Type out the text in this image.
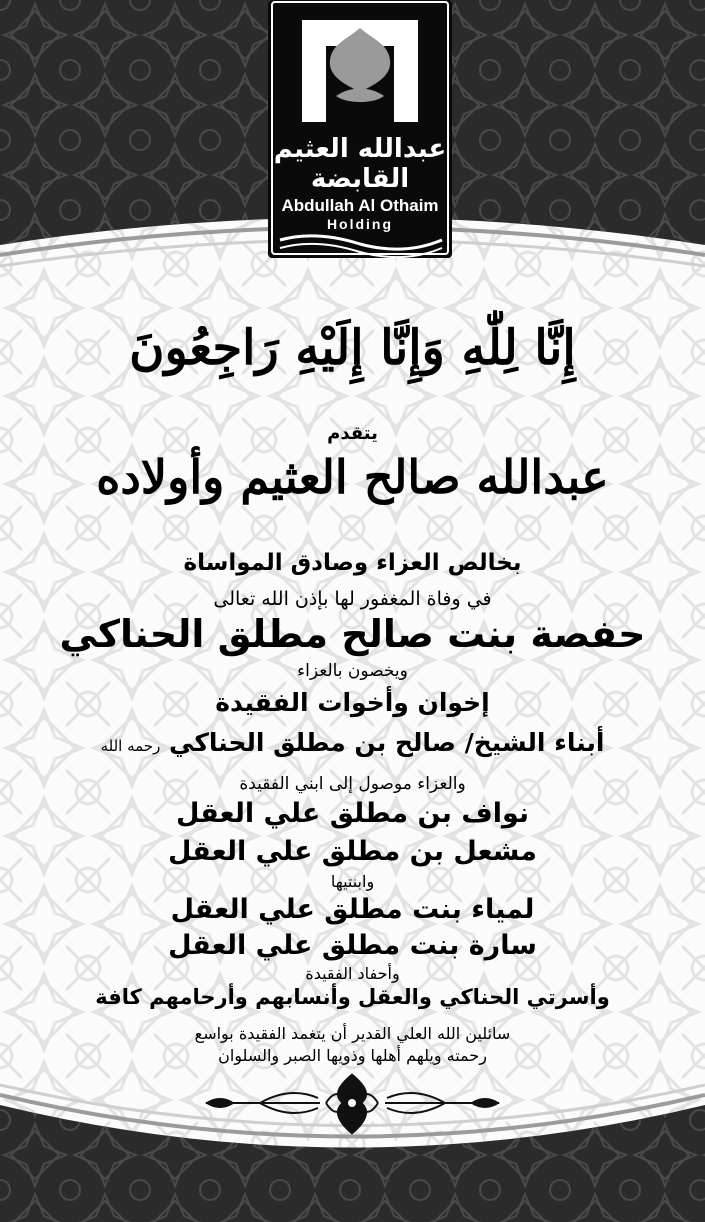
عبدالله العثيم
القابضة
Abdullah Al Othaim
Holding
إِنَّا لِلّٰهِ وَإِنَّا إِلَيْهِ رَاجِعُونَ
يتقدم
عبدالله صالح العثيم وأولاده
بخالص العزاء وصادق المواساة
في وفاة المغفور لها بإذن الله تعالى
حفصة بنت صالح مطلق الحناكي
ويخصون بالعزاء
إخوان وأخوات الفقيدة
أبناء الشيخ/ صالح بن مطلق الحناكي رحمه الله
والعزاء موصول إلى ابني الفقيدة
نواف بن مطلق علي العقل
مشعل بن مطلق علي العقل
وابنتيها
لمياء بنت مطلق علي العقل
سارة بنت مطلق علي العقل
وأحفاد الفقيدة
وأسرتي الحناكي والعقل وأنسابهم وأرحامهم كافة
سائلين الله العلي القدير أن يتغمد الفقيدة بواسع
رحمته ويلهم أهلها وذويها الصبر والسلوان
